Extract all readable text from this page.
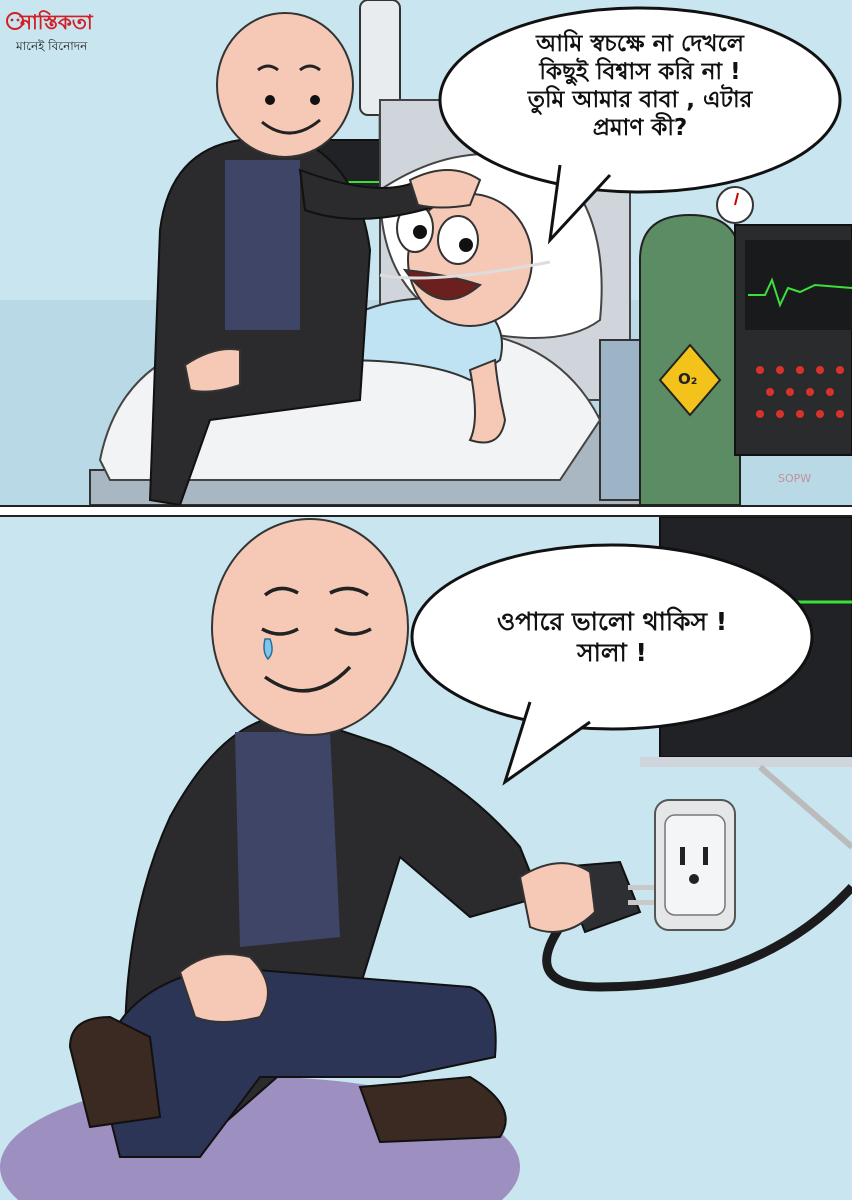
আমি স্বচক্ষে না দেখলে
কিছুই বিশ্বাস করি না !
তুমি আমার বাবা , এটার
প্রমাণ কী?
O₂
SOPW
নাস্তিকতা
মানেই বিনোদন
ওপারে ভালো থাকিস !
সালা !
